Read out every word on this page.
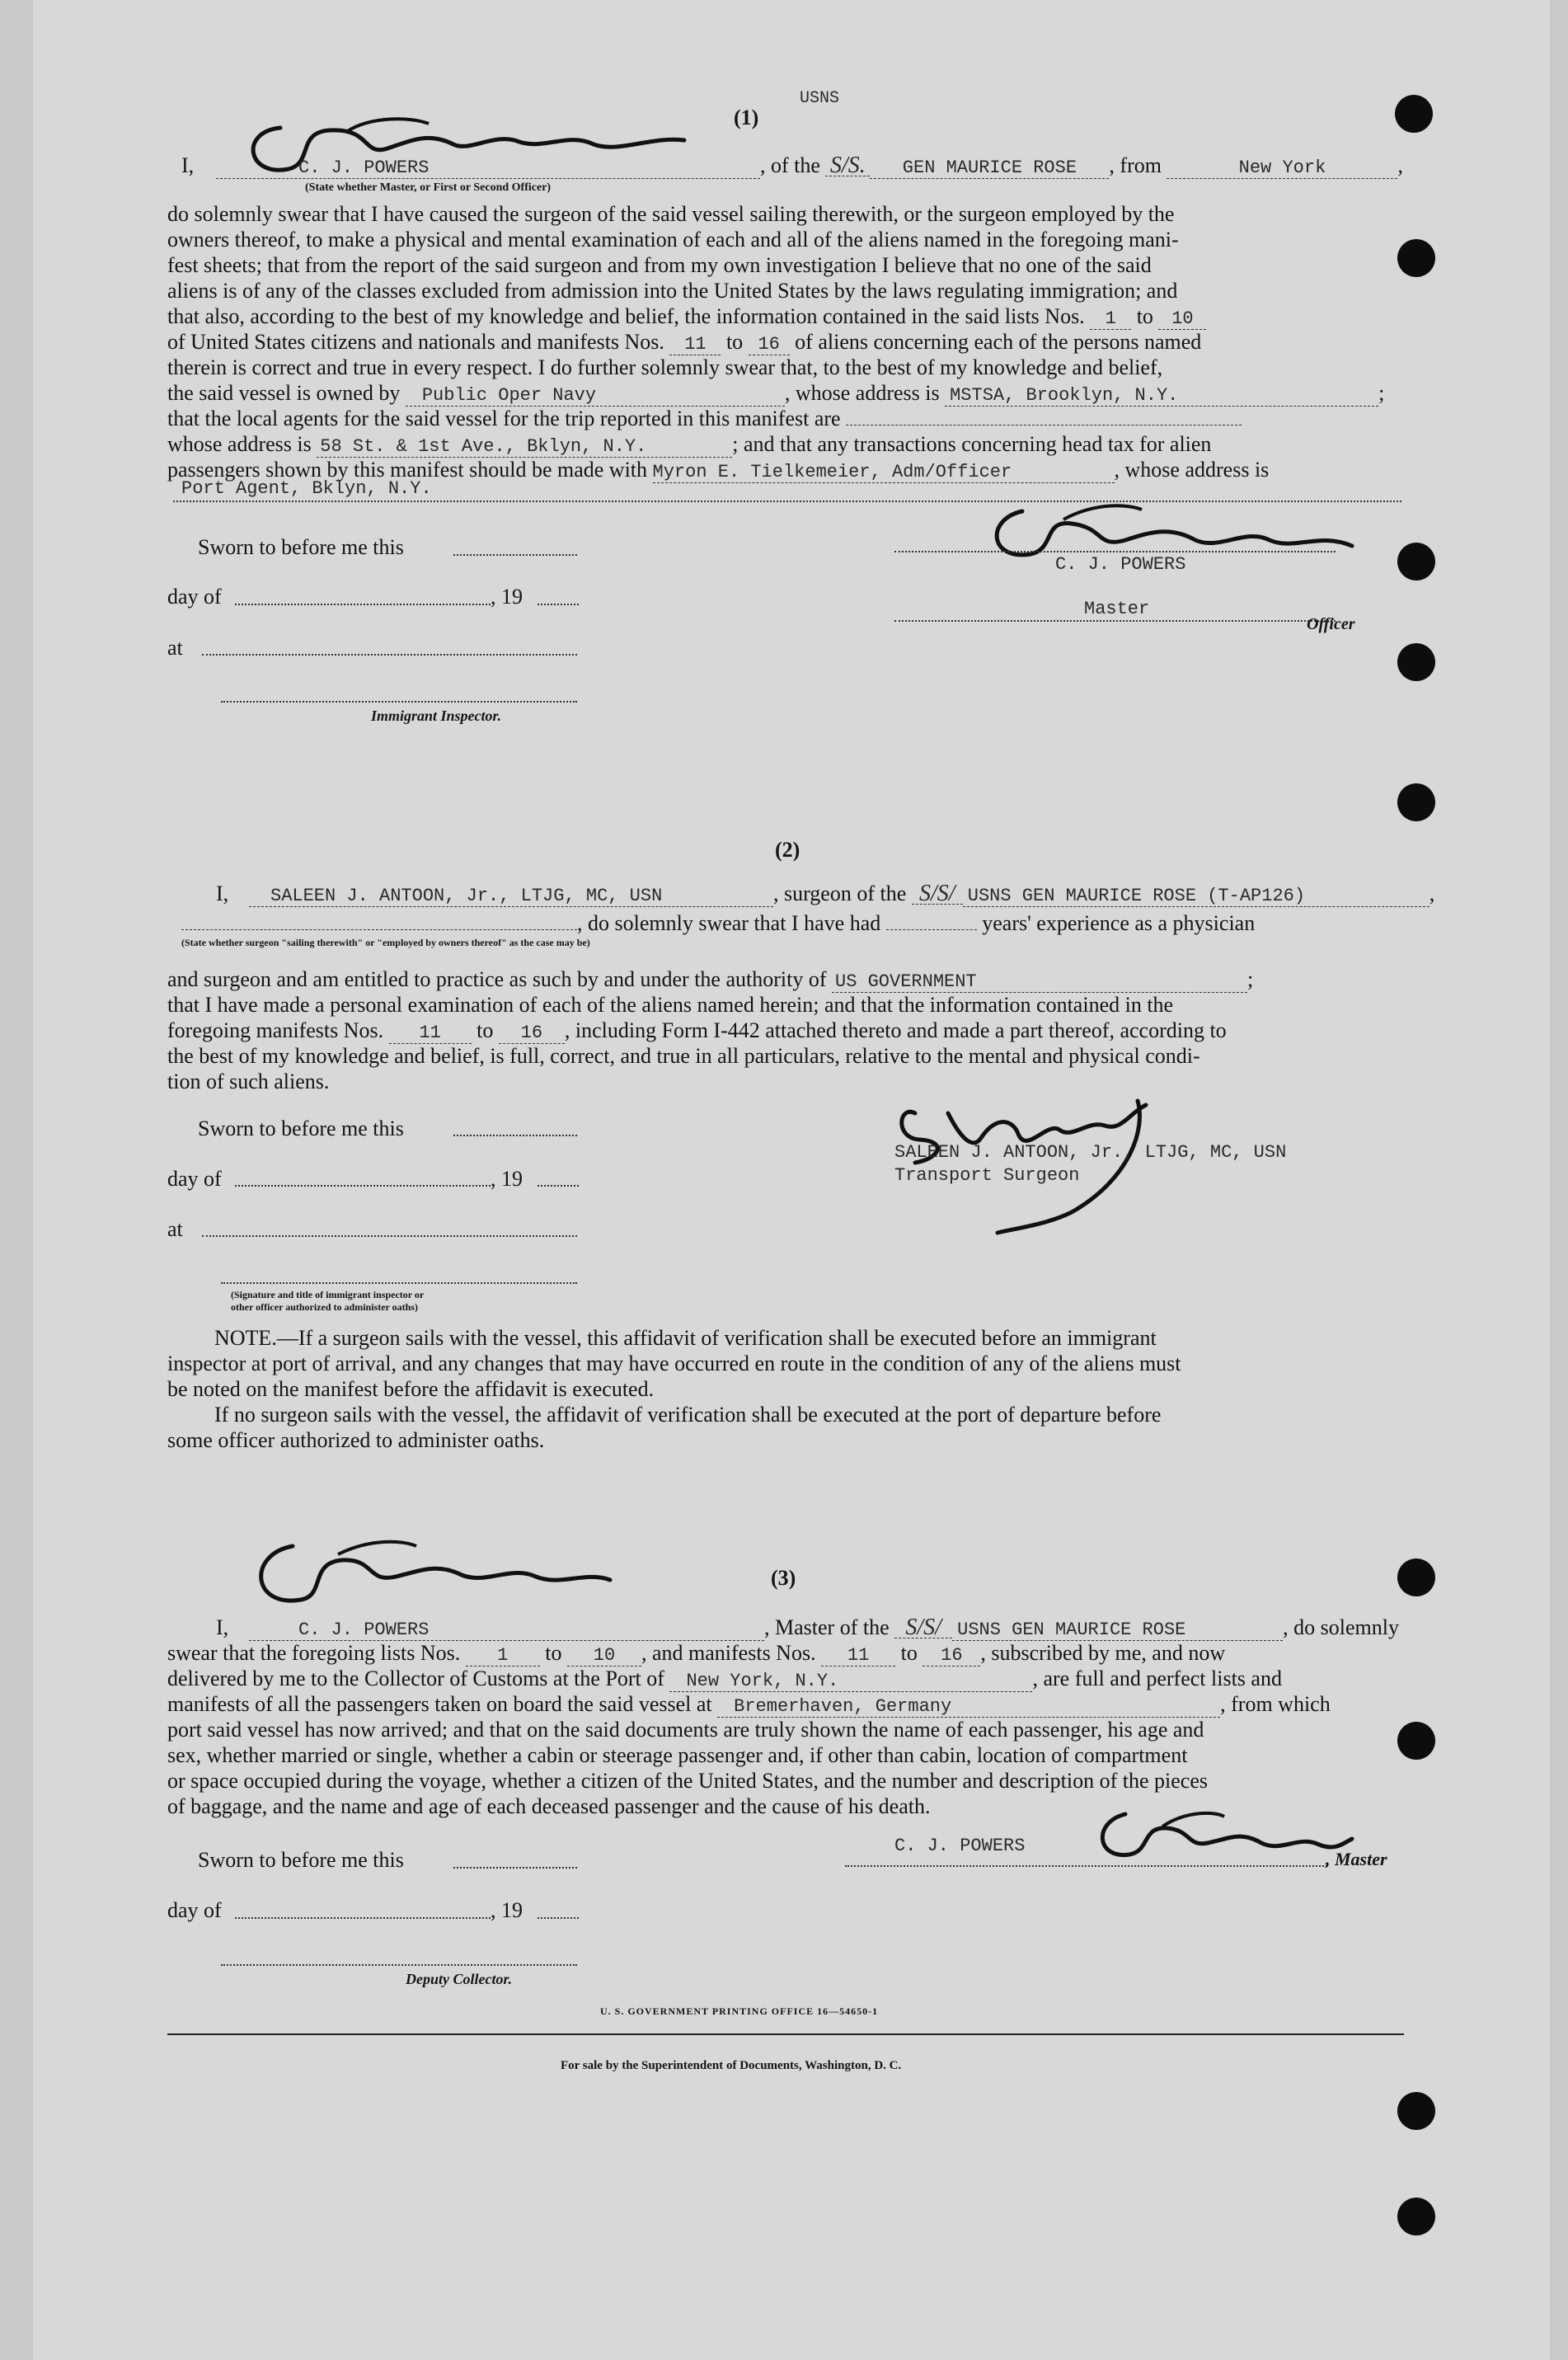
USNS
(1)
I,	C. J. POWERS	, of the S/S. GEN MAURICE ROSE , from	New York	,
(State whether Master, or First or Second Officer)
do solemnly swear that I have caused the surgeon of the said vessel sailing therewith, or the surgeon employed by the
owners thereof, to make a physical and mental examination of each and all of the aliens named in the foregoing mani-
fest sheets; that from the report of the said surgeon and from my own investigation I believe that no one of the said
aliens is of any of the classes excluded from admission into the United States by the laws regulating immigration; and
that also, according to the best of my knowledge and belief, the information contained in the said lists Nos. 1 to 10
of United States citizens and nationals and manifests Nos. 11 to 16 of aliens concerning each of the persons named
therein is correct and true in every respect. I do further solemnly swear that, to the best of my knowledge and belief,
the said vessel is owned by Public Oper Navy	, whose address is MSTSA, Brooklyn, N.Y.	;
that the local agents for the said vessel for the trip reported in this manifest are
whose address is 58 St. & 1st Ave., Bklyn, N.Y.	; and that any transactions concerning head tax for alien
passengers shown by this manifest should be made with Myron E. Tielkemeier, Adm/Officer	, whose address is
Port Agent, Bklyn, N.Y.
Sworn to before me this
day of	, 19
at
Immigrant Inspector.
C. J. POWERS
Master
Officer
(2)
I,	SALEEN J. ANTOON, Jr., LTJG, MC, USN	, surgeon of the S/S/ USNS GEN MAURICE ROSE (T-AP126)	,
, do solemnly swear that I have had	years' experience as a physician
(State whether surgeon "sailing therewith" or "employed by owners thereof" as the case may be)
and surgeon and am entitled to practice as such by and under the authority of US GOVERNMENT	;
that I have made a personal examination of each of the aliens named herein; and that the information contained in the
foregoing manifests Nos. 11 to 16 , including Form I-442 attached thereto and made a part thereof, according to
the best of my knowledge and belief, is full, correct, and true in all particulars, relative to the mental and physical condi-
tion of such aliens.
Sworn to before me this
day of	, 19
at
(Signature and title of immigrant inspector or
other officer authorized to administer oaths)
SALEEN J. ANTOON, Jr., LTJG, MC, USN
Transport Surgeon
NOTE.—If a surgeon sails with the vessel, this affidavit of verification shall be executed before an immigrant
inspector at port of arrival, and any changes that may have occurred en route in the condition of any of the aliens must
be noted on the manifest before the affidavit is executed.
If no surgeon sails with the vessel, the affidavit of verification shall be executed at the port of departure before
some officer authorized to administer oaths.
(3)
I,	C. J. POWERS	, Master of the S/S/ USNS GEN MAURICE ROSE	, do solemnly
swear that the foregoing lists Nos. 1 to 10 , and manifests Nos. 11 to 16 , subscribed by me, and now
delivered by me to the Collector of Customs at the Port of New York, N.Y.	, are full and perfect lists and
manifests of all the passengers taken on board the said vessel at Bremerhaven, Germany	, from which
port said vessel has now arrived; and that on the said documents are truly shown the name of each passenger, his age and
sex, whether married or single, whether a cabin or steerage passenger and, if other than cabin, location of compartment
or space occupied during the voyage, whether a citizen of the United States, and the number and description of the pieces
of baggage, and the name and age of each deceased passenger and the cause of his death.
Sworn to before me this
day of	, 19
Deputy Collector.
C. J. POWERS
, Master
U. S. GOVERNMENT PRINTING OFFICE 16—54650-1
For sale by the Superintendent of Documents, Washington, D. C.
